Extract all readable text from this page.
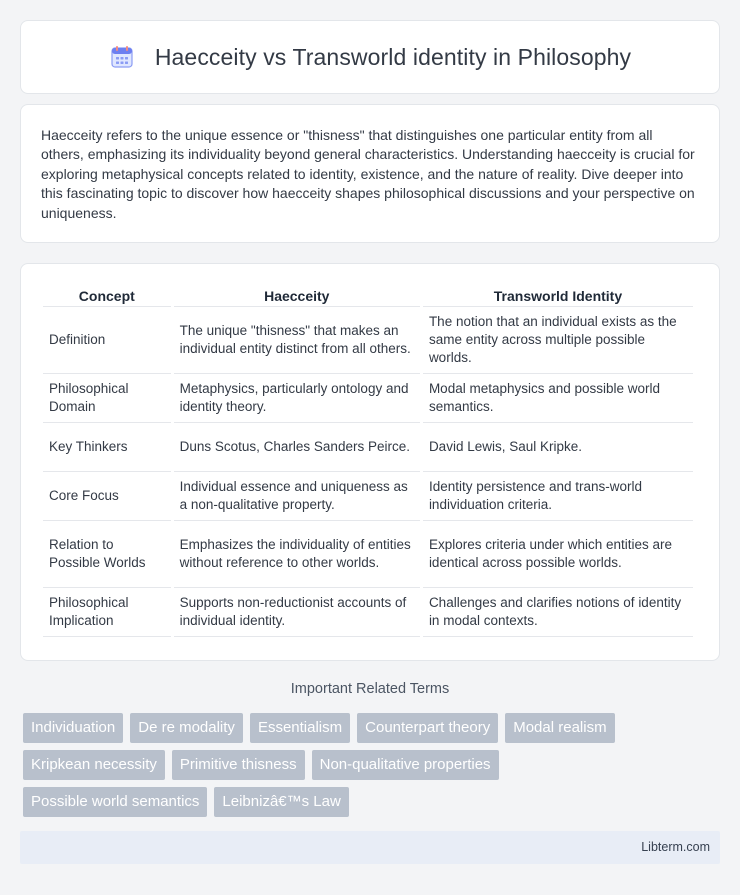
Haecceity vs Transworld identity in Philosophy

Haecceity refers to the unique essence or "thisness" that distinguishes one particular entity from all others, emphasizing its individuality beyond general characteristics. Understanding haecceity is crucial for exploring metaphysical concepts related to identity, existence, and the nature of reality. Dive deeper into this fascinating topic to discover how haecceity shapes philosophical discussions and your perspective on uniqueness.

Concept	Haecceity	Transworld Identity
Definition	The unique "thisness" that makes an individual entity distinct from all others.	The notion that an individual exists as the same entity across multiple possible worlds.
Philosophical Domain	Metaphysics, particularly ontology and identity theory.	Modal metaphysics and possible world semantics.
Key Thinkers	Duns Scotus, Charles Sanders Peirce.	David Lewis, Saul Kripke.
Core Focus	Individual essence and uniqueness as a non-qualitative property.	Identity persistence and trans-world individuation criteria.
Relation to Possible Worlds	Emphasizes the individuality of entities without reference to other worlds.	Explores criteria under which entities are identical across possible worlds.
Philosophical Implication	Supports non-reductionist accounts of individual identity.	Challenges and clarifies notions of identity in modal contexts.
Important Related Terms
Individuation	De re modality	Essentialism	Counterpart theory	Modal realism
Kripkean necessity	Primitive thisness	Non-qualitative properties
Possible world semantics	Leibnizâ€™s Law
Libterm.com
